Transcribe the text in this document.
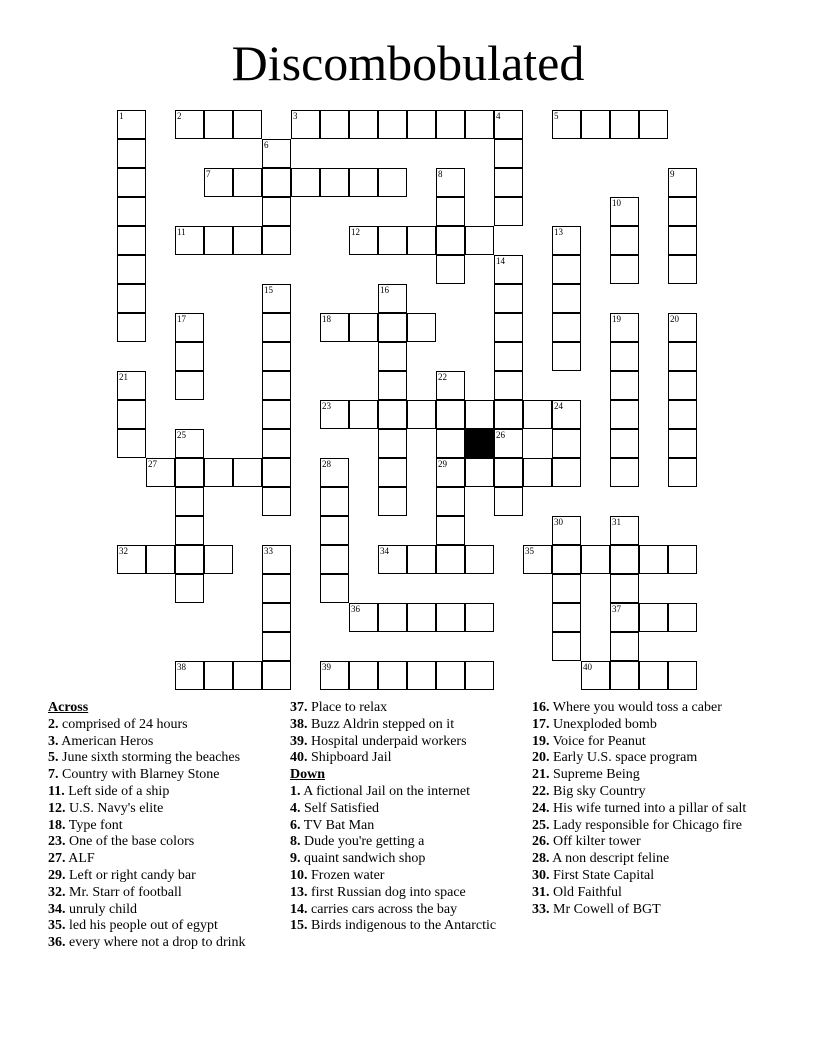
Discombobulated
2	3	4	5
7
11	12
18
23
27	29
32	34	35
36	37
38	39	40
1
6
8	9
10
13
14
15	16
17	19	20
21	22
24
25	26
28
30	31
33
Across
2. comprised of 24 hours
3. American Heros
5. June sixth storming the beaches
7. Country with Blarney Stone
11. Left side of a ship
12. U.S. Navy's elite
18. Type font
23. One of the base colors
27. ALF
29. Left or right candy bar
32. Mr. Starr of football
34. unruly child
35. led his people out of egypt
36. every where not a drop to drink
37. Place to relax
38. Buzz Aldrin stepped on it
39. Hospital underpaid workers
40. Shipboard Jail
Down
1. A fictional Jail on the internet
4. Self Satisfied
6. TV Bat Man
8. Dude you're getting a
9. quaint sandwich shop
10. Frozen water
13. first Russian dog into space
14. carries cars across the bay
15. Birds indigenous to the Antarctic
16. Where you would toss a caber
17. Unexploded bomb
19. Voice for Peanut
20. Early U.S. space program
21. Supreme Being
22. Big sky Country
24. His wife turned into a pillar of salt
25. Lady responsible for Chicago fire
26. Off kilter tower
28. A non descript feline
30. First State Capital
31. Old Faithful
33. Mr Cowell of BGT
